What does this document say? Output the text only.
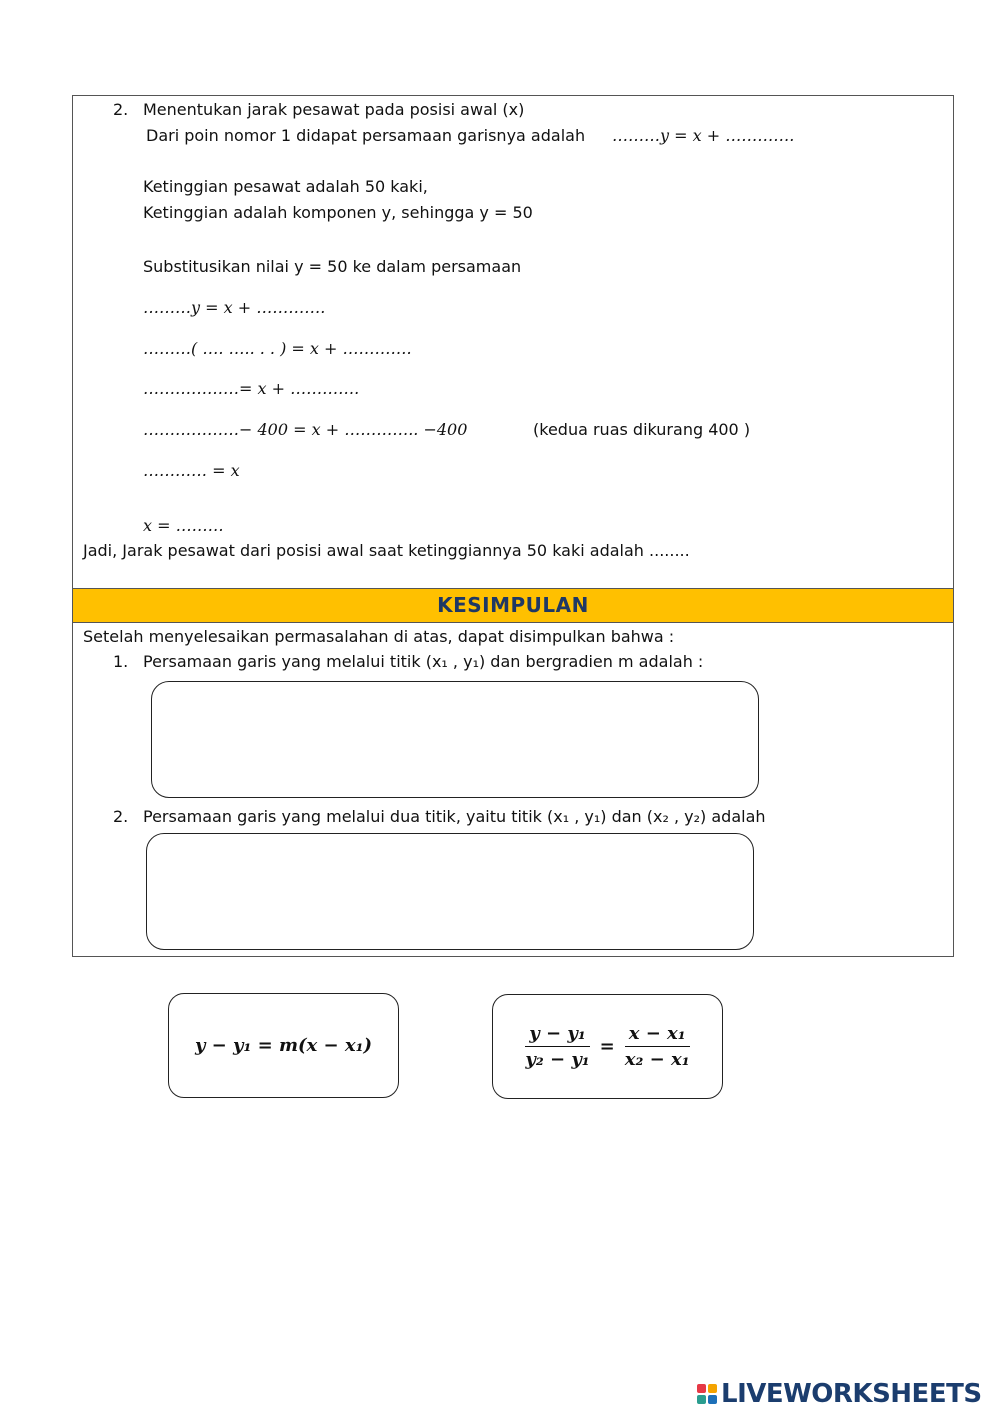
2. Menentukan jarak pesawat pada posisi awal (x)
Dari poin nomor 1 didapat persamaan garisnya adalah ………y = x + ………….
Ketinggian pesawat adalah 50 kaki,
Ketinggian adalah komponen y, sehingga y = 50
Substitusikan nilai y = 50 ke dalam persamaan
………y = x + ………….
………( …. ….. . . ) = x + ………….
………………= x + ………….
………………− 400 = x + ………….. −400	(kedua ruas dikurang 400 )
………… = x
x = ………
Jadi, Jarak pesawat dari posisi awal saat ketinggiannya 50 kaki adalah ........
KESIMPULAN
Setelah menyelesaikan permasalahan di atas, dapat disimpulkan bahwa :
1. Persamaan garis yang melalui titik (x₁ , y₁) dan bergradien m adalah :
2. Persamaan garis yang melalui dua titik, yaitu titik (x₁ , y₁) dan (x₂ , y₂) adalah
y − y₁ = m(x − x₁)	$\frac{\text{y − y₁}}{\text{y₂ − y₁}} = \frac{\text{x − x₁}}{\text{x₂ − x₁}}$
LIVEWORKSHEETS
